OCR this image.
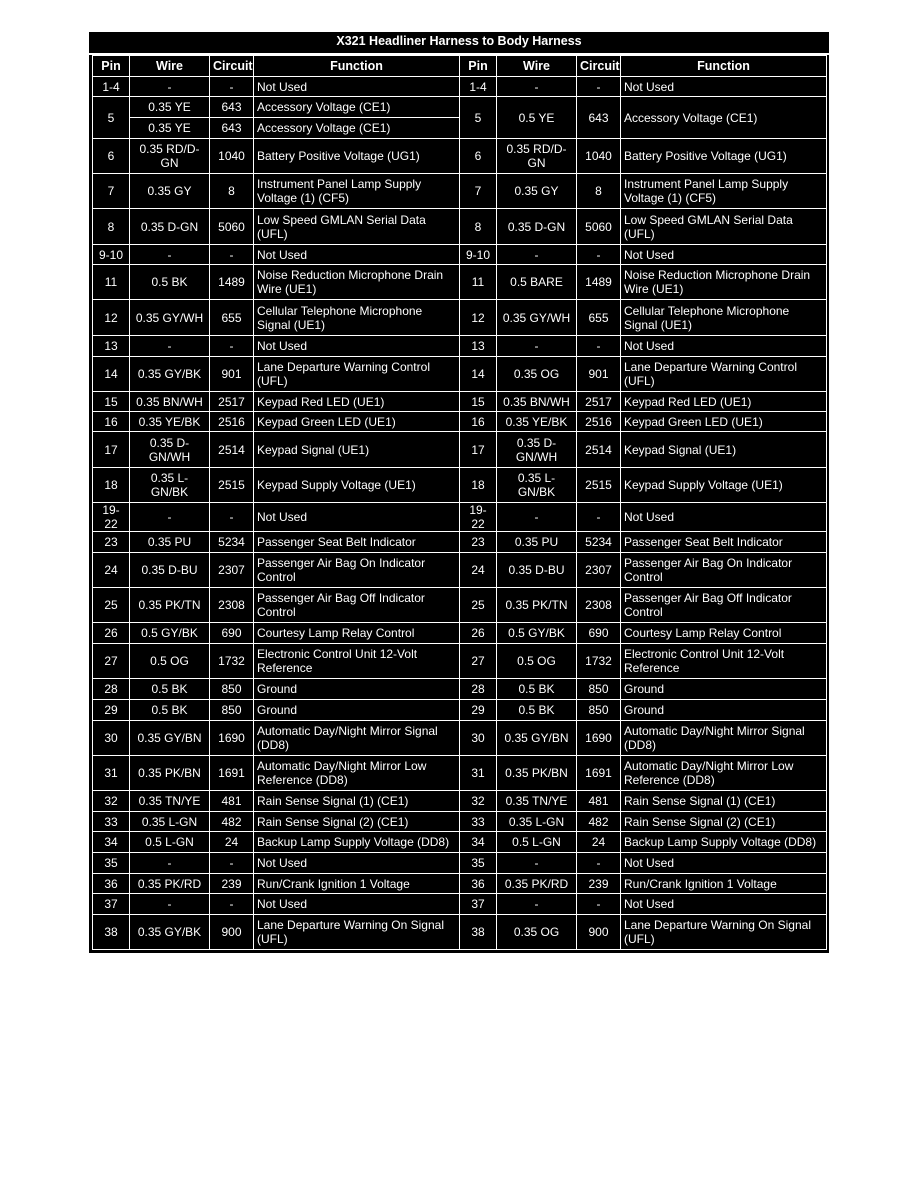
X321 Headliner Harness to Body Harness
Pin	Wire	Circuit	Function	Pin	Wire	Circuit	Function
1-4	-	-	Not Used	1-4	-	-	Not Used
5	0.35 YE	643	Accessory Voltage (CE1)	5	0.5 YE	643	Accessory Voltage (CE1)
	0.35 YE	643	Accessory Voltage (CE1)				
6	0.35 RD/D-GN	1040	Battery Positive Voltage (UG1)	6	0.35 RD/D-GN	1040	Battery Positive Voltage (UG1)
7	0.35 GY	8	Instrument Panel Lamp Supply Voltage (1) (CF5)	7	0.35 GY	8	Instrument Panel Lamp Supply Voltage (1) (CF5)
8	0.35 D-GN	5060	Low Speed GMLAN Serial Data (UFL)	8	0.35 D-GN	5060	Low Speed GMLAN Serial Data (UFL)
9-10	-	-	Not Used	9-10	-	-	Not Used
11	0.5 BK	1489	Noise Reduction Microphone Drain Wire (UE1)	11	0.5 BARE	1489	Noise Reduction Microphone Drain Wire (UE1)
12	0.35 GY/WH	655	Cellular Telephone Microphone Signal (UE1)	12	0.35 GY/WH	655	Cellular Telephone Microphone Signal (UE1)
13	-	-	Not Used	13	-	-	Not Used
14	0.35 GY/BK	901	Lane Departure Warning Control (UFL)	14	0.35 OG	901	Lane Departure Warning Control (UFL)
15	0.35 BN/WH	2517	Keypad Red LED (UE1)	15	0.35 BN/WH	2517	Keypad Red LED (UE1)
16	0.35 YE/BK	2516	Keypad Green LED (UE1)	16	0.35 YE/BK	2516	Keypad Green LED (UE1)
17	0.35 D-GN/WH	2514	Keypad Signal (UE1)	17	0.35 D-GN/WH	2514	Keypad Signal (UE1)
18	0.35 L-GN/BK	2515	Keypad Supply Voltage (UE1)	18	0.35 L-GN/BK	2515	Keypad Supply Voltage (UE1)
19-22	-	-	Not Used	19-22	-	-	Not Used
23	0.35 PU	5234	Passenger Seat Belt Indicator	23	0.35 PU	5234	Passenger Seat Belt Indicator
24	0.35 D-BU	2307	Passenger Air Bag On Indicator Control	24	0.35 D-BU	2307	Passenger Air Bag On Indicator Control
25	0.35 PK/TN	2308	Passenger Air Bag Off Indicator Control	25	0.35 PK/TN	2308	Passenger Air Bag Off Indicator Control
26	0.5 GY/BK	690	Courtesy Lamp Relay Control	26	0.5 GY/BK	690	Courtesy Lamp Relay Control
27	0.5 OG	1732	Electronic Control Unit 12-Volt Reference	27	0.5 OG	1732	Electronic Control Unit 12-Volt Reference
28	0.5 BK	850	Ground	28	0.5 BK	850	Ground
29	0.5 BK	850	Ground	29	0.5 BK	850	Ground
30	0.35 GY/BN	1690	Automatic Day/Night Mirror Signal (DD8)	30	0.35 GY/BN	1690	Automatic Day/Night Mirror Signal (DD8)
31	0.35 PK/BN	1691	Automatic Day/Night Mirror Low Reference (DD8)	31	0.35 PK/BN	1691	Automatic Day/Night Mirror Low Reference (DD8)
32	0.35 TN/YE	481	Rain Sense Signal (1) (CE1)	32	0.35 TN/YE	481	Rain Sense Signal (1) (CE1)
33	0.35 L-GN	482	Rain Sense Signal (2) (CE1)	33	0.35 L-GN	482	Rain Sense Signal (2) (CE1)
34	0.5 L-GN	24	Backup Lamp Supply Voltage (DD8)	34	0.5 L-GN	24	Backup Lamp Supply Voltage (DD8)
35	-	-	Not Used	35	-	-	Not Used
36	0.35 PK/RD	239	Run/Crank Ignition 1 Voltage	36	0.35 PK/RD	239	Run/Crank Ignition 1 Voltage
37	-	-	Not Used	37	-	-	Not Used
38	0.35 GY/BK	900	Lane Departure Warning On Signal (UFL)	38	0.35 OG	900	Lane Departure Warning On Signal (UFL)
